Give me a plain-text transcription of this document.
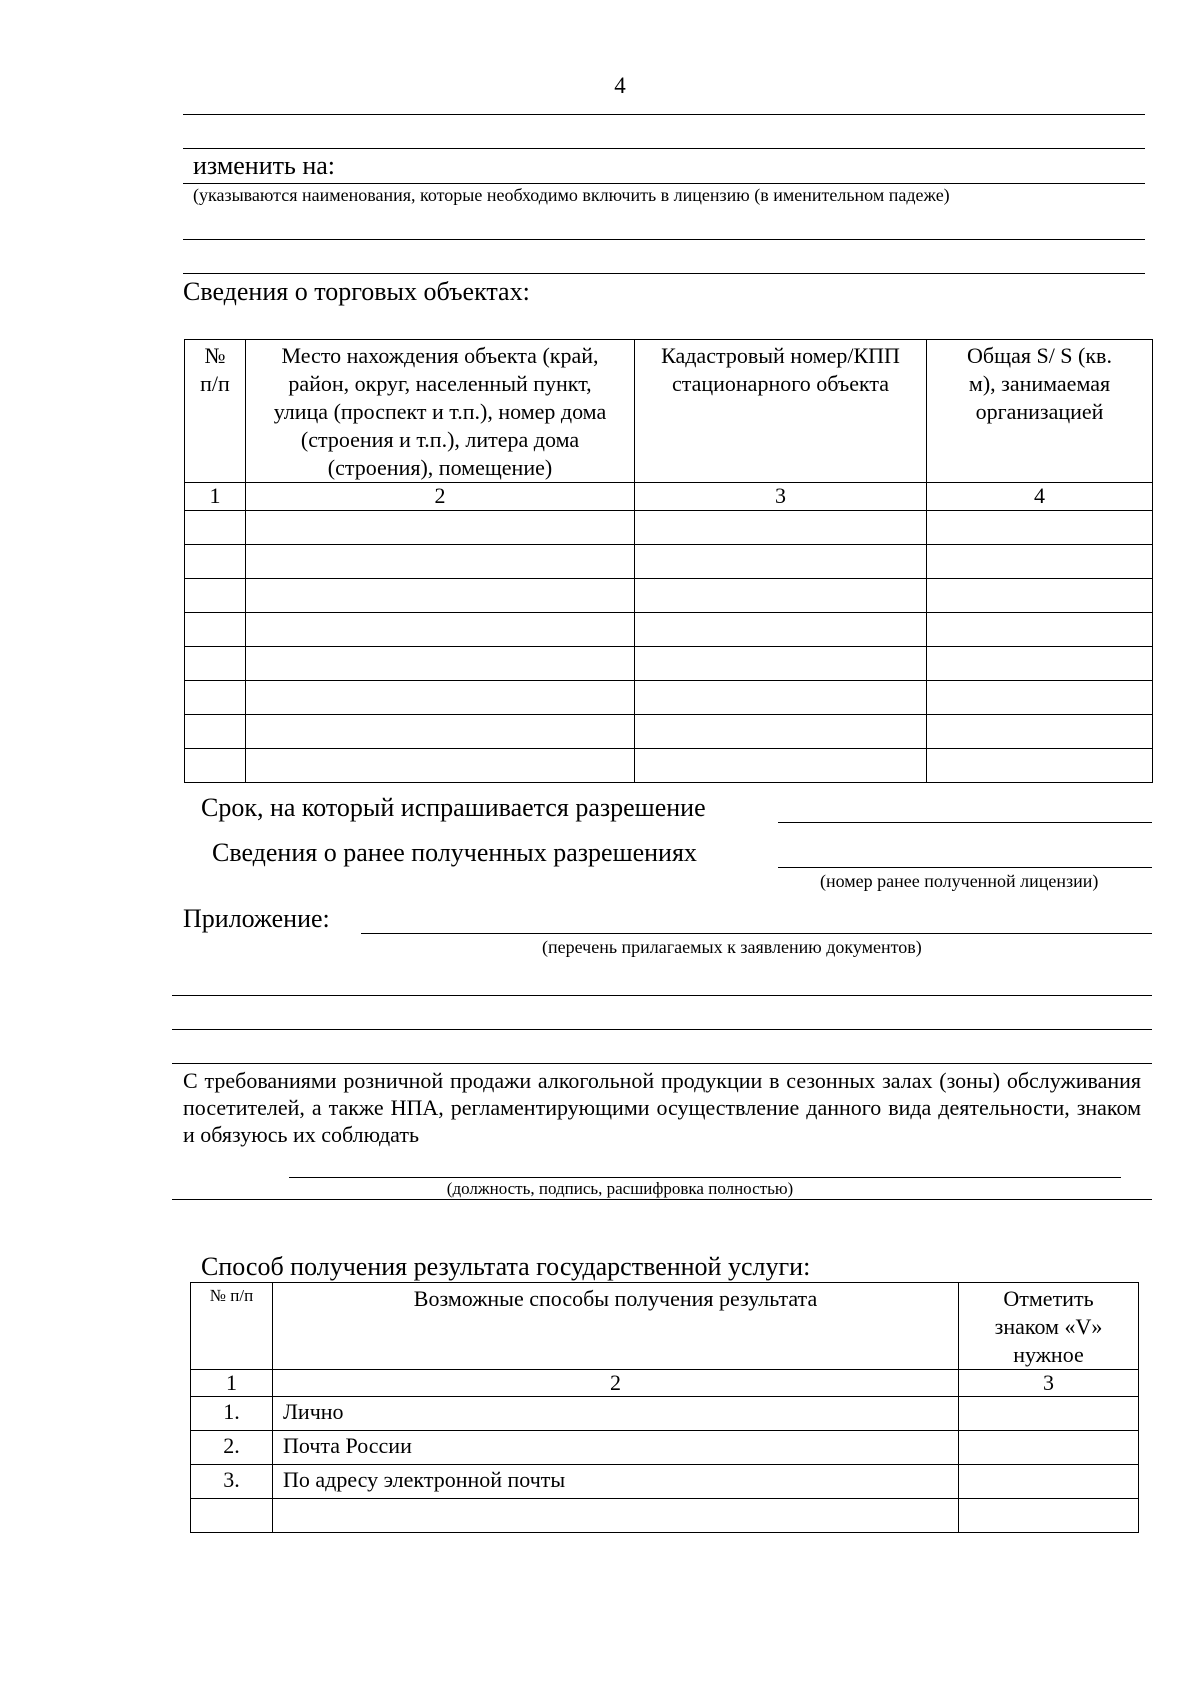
4
изменить на:
(указываются наименования, которые необходимо включить в лицензию (в именительном падеже)
Сведения о торговых объектах:
№ п/п	Место нахождения объекта (край, район, округ, населенный пункт, улица (проспект и т.п.), номер дома (строения и т.п.), литера дома (строения), помещение)	Кадастровый номер/КПП стационарного объекта	Общая S/ S (кв. м), занимаемая организацией
1	2	3	4

Срок, на который испрашивается разрешение
Сведения о ранее полученных разрешениях
(номер ранее полученной лицензии)
Приложение:
(перечень прилагаемых к заявлению документов)
С требованиями розничной продажи алкогольной продукции в сезонных залах (зоны) обслуживания посетителей, а также НПА, регламентирующими осуществление данного вида деятельности, знаком и обязуюсь их соблюдать
(должность, подпись, расшифровка полностью)
Способ получения результата государственной услуги:
№ п/п	Возможные способы получения результата	Отметить знаком «V» нужное
1	2	3
1.	Лично	
2.	Почта России	
3.	По адресу электронной почты	
